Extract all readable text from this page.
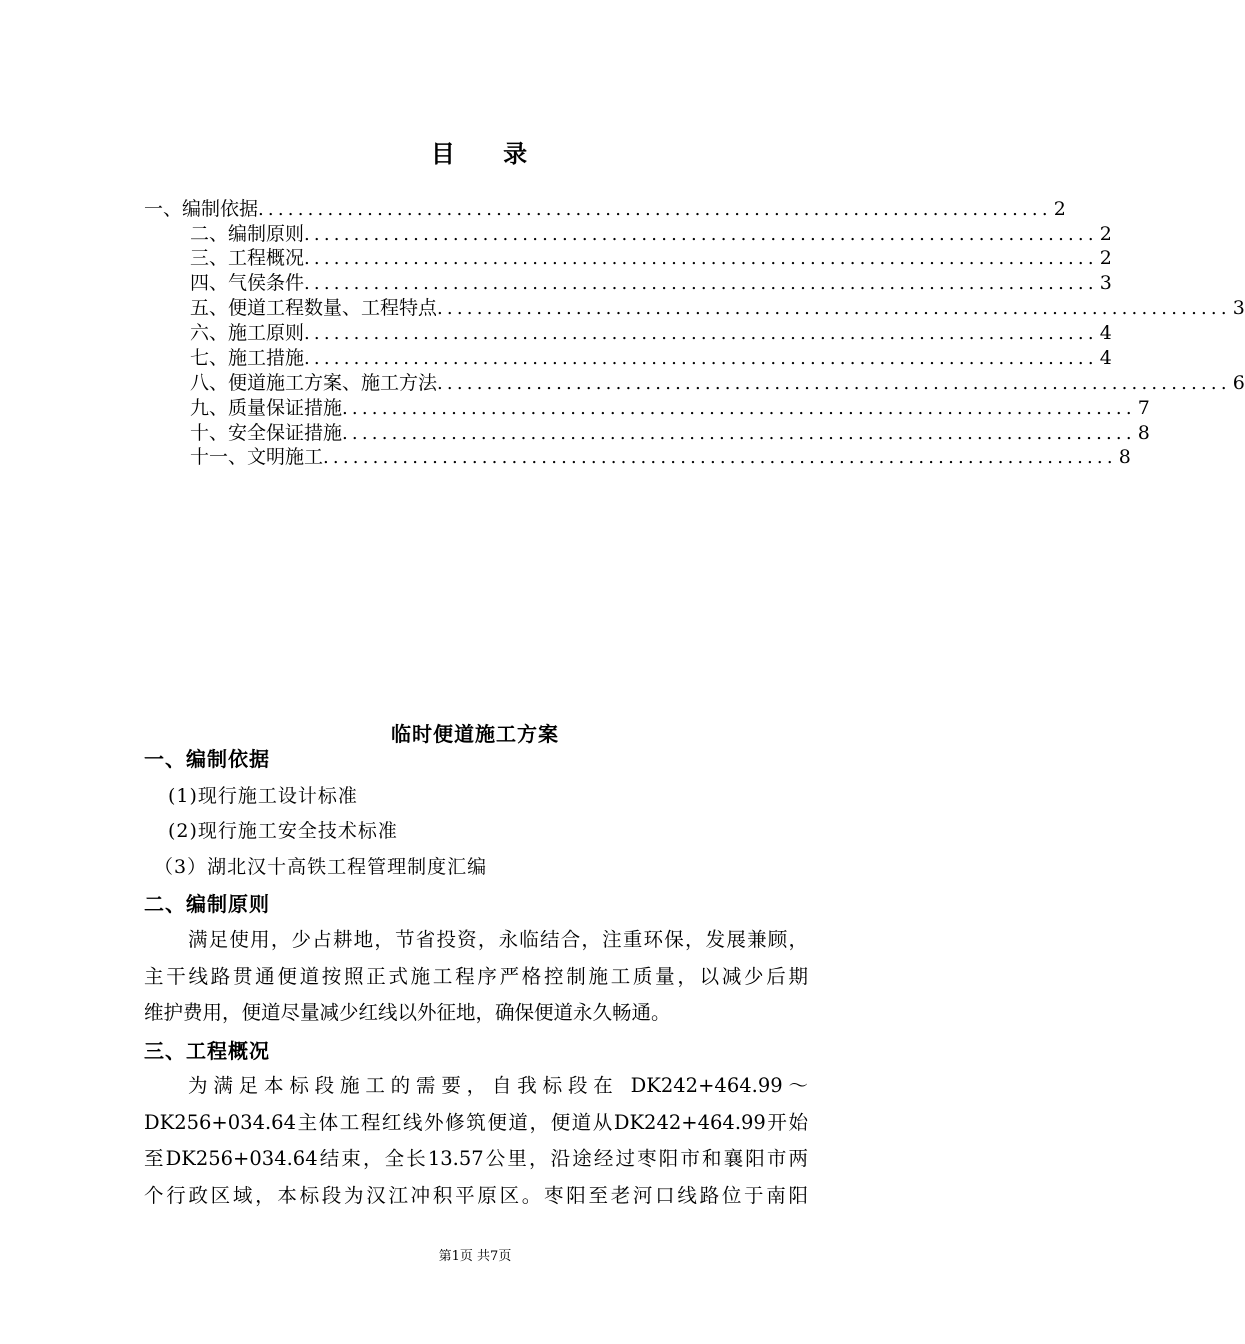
目 录
一、编制依据 ................................................................................ 2
二、编制原则 ................................................................................ 2
三、工程概况 ................................................................................ 2
四、气侯条件 ................................................................................ 3
五、便道工程数量、工程特点 ................................................................................ 3
六、施工原则 ................................................................................ 4
七、施工措施 ................................................................................ 4
八、便道施工方案、施工方法 ................................................................................ 6
九、质量保证措施 ................................................................................ 7
十、安全保证措施 ................................................................................ 8
十一、文明施工 ................................................................................ 8
临时便道施工方案
一、编制依据
(1)现行施工设计标准
(2)现行施工安全技术标准
（3）湖北汉十高铁工程管理制度汇编
二、编制原则
满足使用，少占耕地，节省投资，永临结合，注重环保，发展兼顾，
主干线路贯通便道按照正式施工程序严格控制施工质量，以减少后期
维护费用，便道尽量减少红线以外征地，确保便道永久畅通。
三、工程概况
为满足本标段施工的需要，自我标段在 DK242+464.99～
DK256+034.64主体工程红线外修筑便道，便道从DK242+464.99开始
至DK256+034.64结束，全长13.57公里，沿途经过枣阳市和襄阳市两
个行政区域，本标段为汉江冲积平原区。枣阳至老河口线路位于南阳
第1页 共7页
